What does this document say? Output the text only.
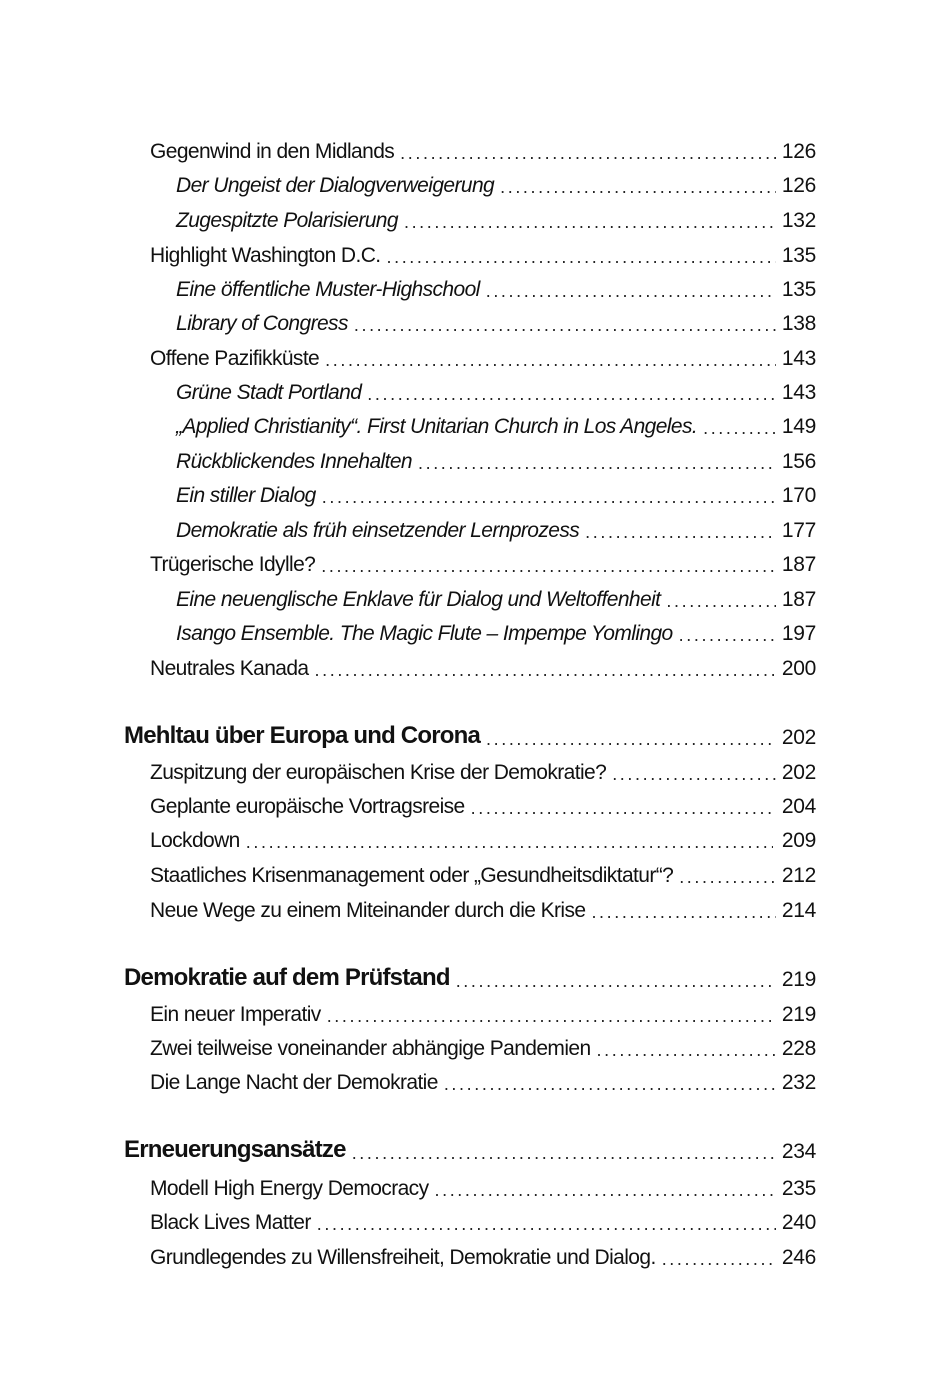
Gegenwind in den Midlands . . .	126
Der Ungeist der Dialogverweigerung . . .	126
Zugespitzte Polarisierung . . .	132
Highlight Washington D.C. . . .	135
Eine öffentliche Muster-Highschool . . .	135
Library of Congress . . .	138
Offene Pazifikküste . . .	143
Grüne Stadt Portland . . .	143
„Applied Christianity“. First Unitarian Church in Los Angeles. . . .	149
Rückblickendes Innehalten . . .	156
Ein stiller Dialog . . .	170
Demokratie als früh einsetzender Lernprozess . . .	177
Trügerische Idylle? . . .	187
Eine neuenglische Enklave für Dialog und Weltoffenheit . . .	187
Isango Ensemble. The Magic Flute – Impempe Yomlingo . . .	197
Neutrales Kanada . . .	200
Mehltau über Europa und Corona . . .	202
Zuspitzung der europäischen Krise der Demokratie? . . .	202
Geplante europäische Vortragsreise . . .	204
Lockdown . . .	209
Staatliches Krisenmanagement oder „Gesundheitsdiktatur“? . . .	212
Neue Wege zu einem Miteinander durch die Krise . . .	214
Demokratie auf dem Prüfstand . . .	219
Ein neuer Imperativ . . .	219
Zwei teilweise voneinander abhängige Pandemien . . .	228
Die Lange Nacht der Demokratie . . .	232
Erneuerungsansätze . . .	234
Modell High Energy Democracy . . .	235
Black Lives Matter . . .	240
Grundlegendes zu Willensfreiheit, Demokratie und Dialog. . . .	246
